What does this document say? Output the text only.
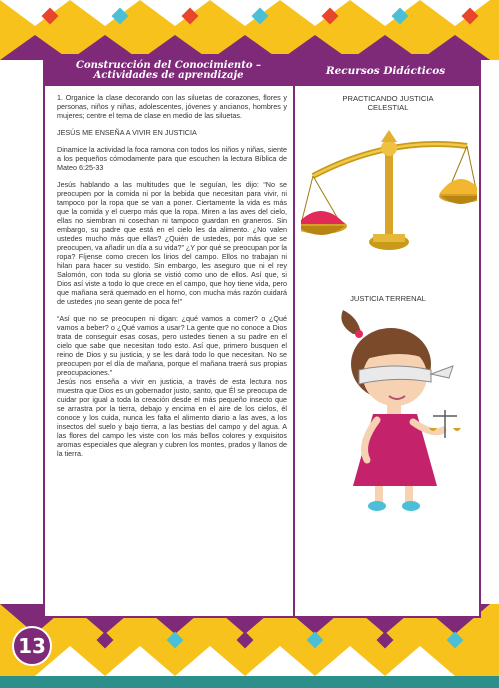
Construcción del Conocimiento –
Actividades de aprendizaje	Recursos Didácticos

1. Organice la clase decorando con las siluetas de corazones, flores y personas, niños y niñas, adolescentes, jóvenes y ancianos, hombres y mujeres; centre el tema de clase en medio de las siluetas.

JESÚS ME ENSEÑA A VIVIR EN JUSTICIA

Dinamice la actividad la foca ramona con todos los niños y niñas, siente a los pequeños cómodamente para que escuchen la lectura Bíblica de Mateo 6:25-33

Jesús hablando a las multitudes que le seguían, les dijo: “No se preocupen por la comida ni por la bebida que necesitan para vivir, ni tampoco por la ropa que se van a poner. Ciertamente la vida es más que la comida y el cuerpo más que la ropa. Miren a las aves del cielo, ellas no siembran ni cosechan ni tampoco guardan en graneros. Sin embargo, su padre que está en el cielo les da alimento. ¿No valen ustedes mucho más que ellas? ¿Quién de ustedes, por más que se preocupen, va añadir un día a su vida?” ¿Y por qué se preocupan por la ropa? Fíjense como crecen los lirios del campo. Ellos no trabajan ni hilan para hacer su vestido. Sin embargo, les aseguro que ni el rey Salomón, con toda su gloria se vistió como uno de ellos. Así que, si Dios así viste a todo lo que crece en el campo, que hoy tiene vida, pero que mañana será quemado en el horno, con mucha más razón cuidará de ustedes ¡no sean gente de poca fe!”

“Así que no se preocupen ni digan: ¿qué vamos a comer? o ¿Qué vamos a beber? o ¿Qué vamos a usar? La gente que no conoce a Dios trata de conseguir esas cosas, pero ustedes tienen a su padre en el cielo que sabe que necesitan todo esto. Así que, primero busquen el reino de Dios y su justicia, y se les dará todo lo que necesitan. No se preocupen por el día de mañana, porque el mañana traerá sus propias preocupaciones.”

Jesús nos enseña a vivir en justicia, a través de esta lectura nos muestra que Dios es un gobernador justo, santo, que Él se preocupa de cuidar por igual a toda la creación desde el más pequeño insecto que se arrastra por la tierra, debajo y encima en el aire de los cielos, él conoce y los cuida, nunca les falta el alimento diario a las aves, a los insectos del suelo y bajo tierra, a las bestias del campo y del agua. A las flores del campo les viste con los más bellos colores y exquisitos aromas especiales que alegran y cubren los montes, prados y llanos de la tierra.

PRACTICANDO JUSTICIA
CELESTIAL
JUSTICIA TERRENAL
13
